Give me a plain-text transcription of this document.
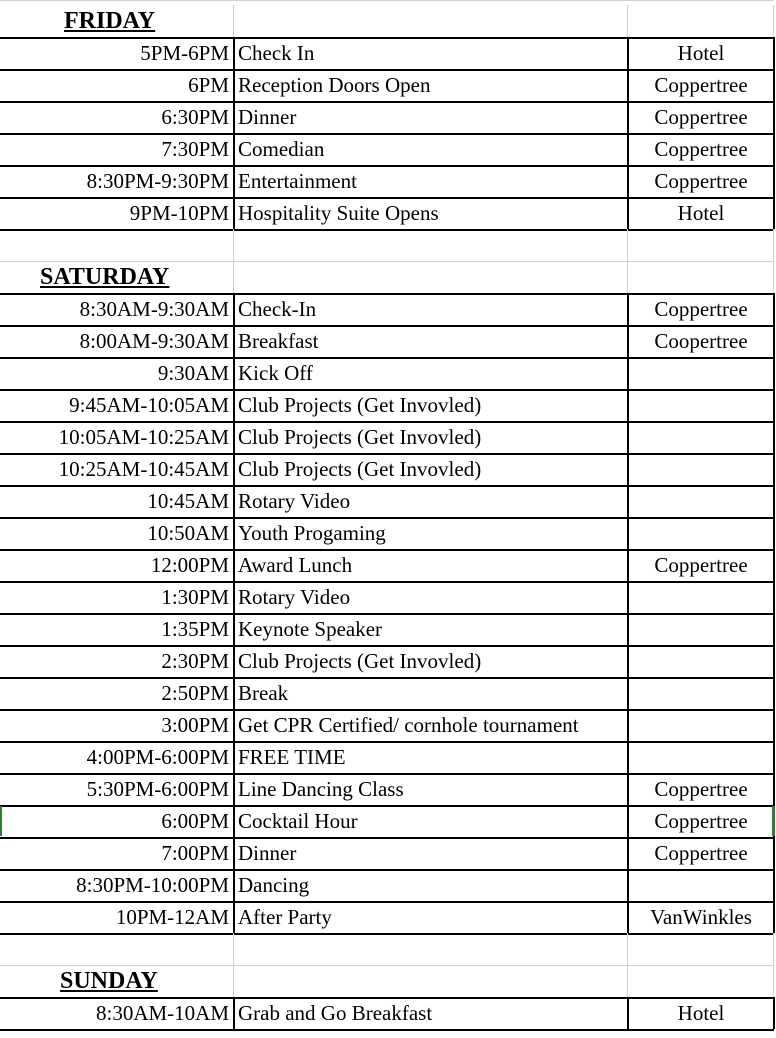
FRIDAY
5PM-6PM Check In	Hotel
6PM Reception Doors Open	Coppertree
6:30PM Dinner	Coppertree
7:30PM Comedian	Coppertree
8:30PM-9:30PM Entertainment	Coppertree
9PM-10PM Hospitality Suite Opens	Hotel
SATURDAY
8:30AM-9:30AM Check-In	Coppertree
8:00AM-9:30AM Breakfast	Coopertree
9:30AM Kick Off
9:45AM-10:05AM Club Projects (Get Invovled)
10:05AM-10:25AM Club Projects (Get Invovled)
10:25AM-10:45AM Club Projects (Get Invovled)
10:45AM Rotary Video
10:50AM Youth Progaming
12:00PM Award Lunch	Coppertree
1:30PM Rotary Video
1:35PM Keynote Speaker
2:30PM Club Projects (Get Invovled)
2:50PM Break
3:00PM Get CPR Certified/ cornhole tournament
4:00PM-6:00PM FREE TIME
5:30PM-6:00PM Line Dancing Class	Coppertree
6:00PM Cocktail Hour	Coppertree
7:00PM Dinner	Coppertree
8:30PM-10:00PM Dancing
10PM-12AM After Party	VanWinkles
SUNDAY
8:30AM-10AM Grab and Go Breakfast	Hotel
